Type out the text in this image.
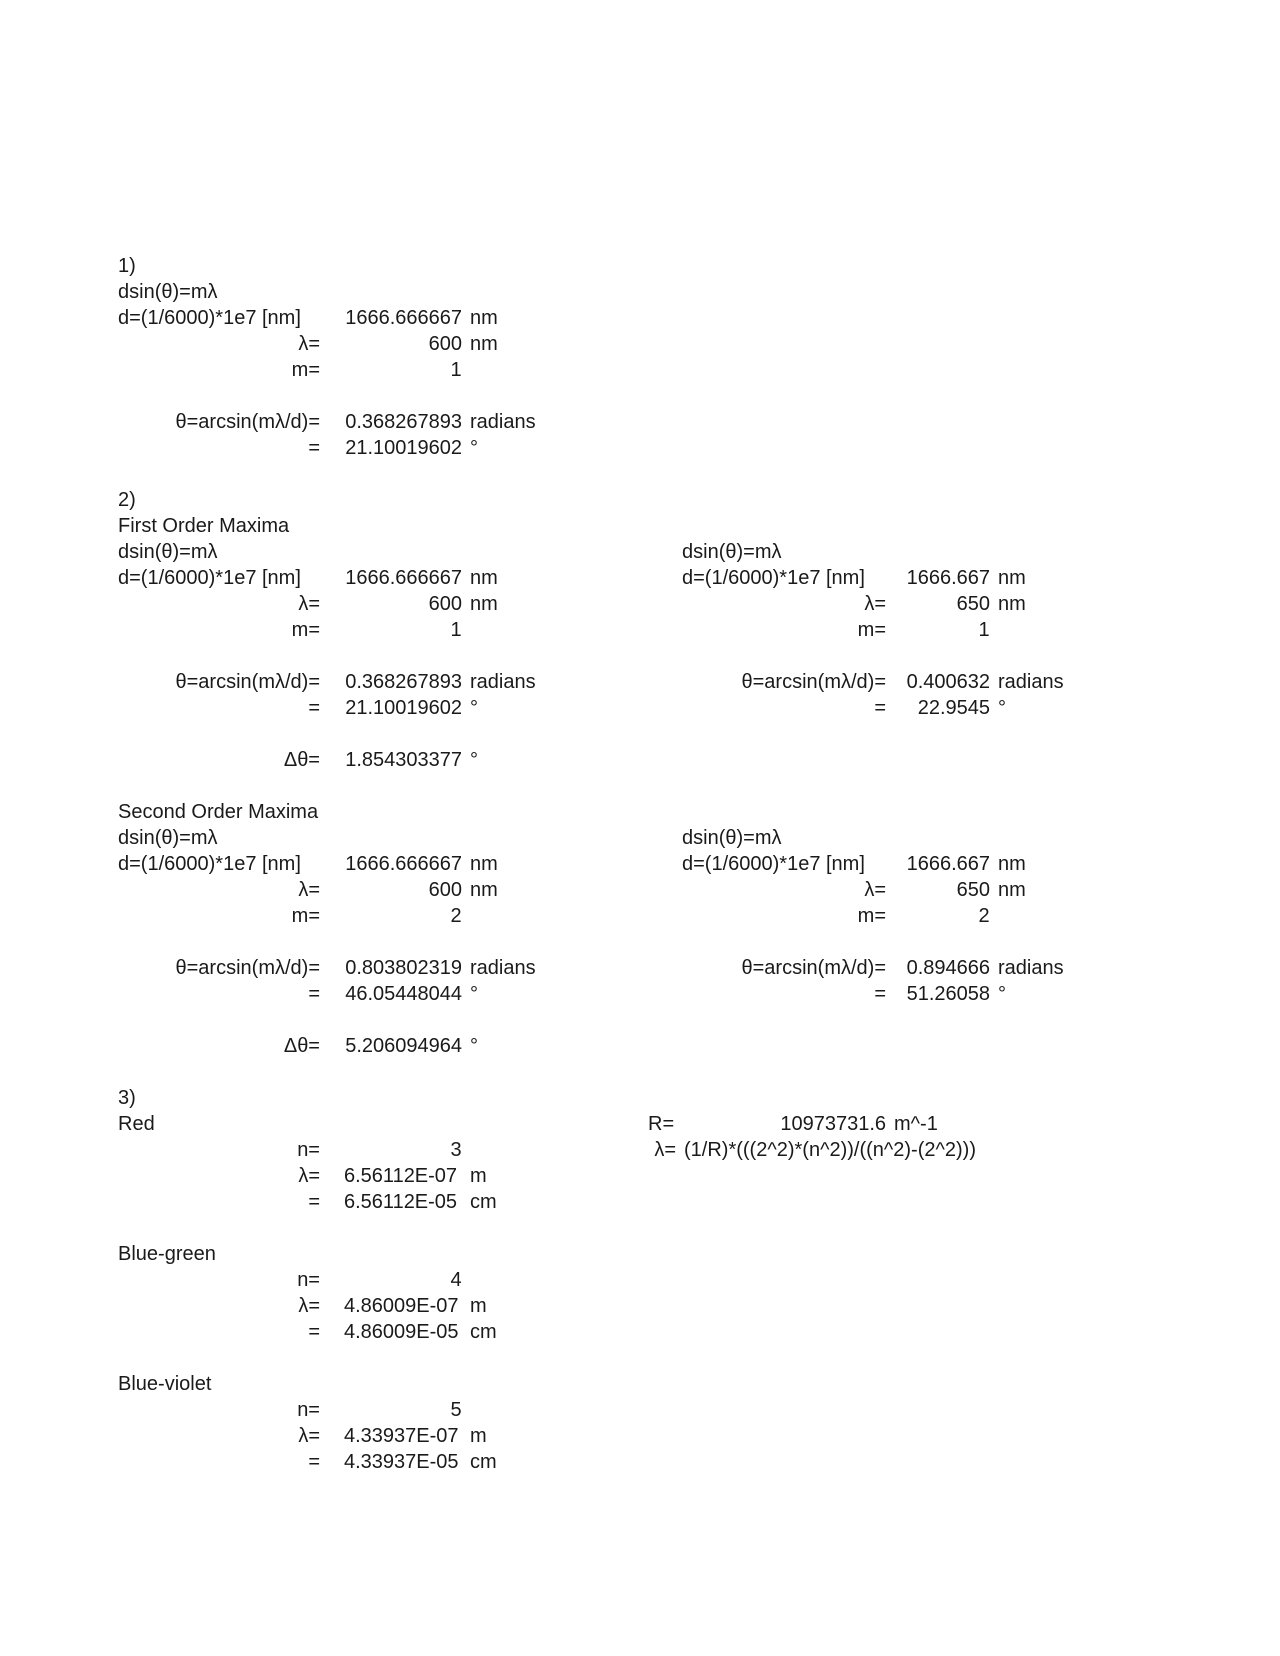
1)
dsin(θ)=mλ
d=(1/6000)*1e7 [nm]	1666.666667 nm
λ=	600 nm
m=	1
θ=arcsin(mλ/d)=	0.368267893 radians
=	21.10019602 °
2)
First Order Maxima
dsin(θ)=mλ
d=(1/6000)*1e7 [nm]	1666.666667 nm
λ=	600 nm
m=	1
θ=arcsin(mλ/d)=	0.368267893 radians
=	21.10019602 °
dsin(θ)=mλ
d=(1/6000)*1e7 [nm]	1666.667 nm
λ=	650 nm
m=	1
θ=arcsin(mλ/d)=	0.400632 radians
=	22.9545 °
Δθ=	1.854303377 °
Second Order Maxima
dsin(θ)=mλ
d=(1/6000)*1e7 [nm]	1666.666667 nm
λ=	600 nm
m=	2
θ=arcsin(mλ/d)=	0.803802319 radians
=	46.05448044 °
dsin(θ)=mλ
d=(1/6000)*1e7 [nm]	1666.667 nm
λ=	650 nm
m=	2
θ=arcsin(mλ/d)=	0.894666 radians
=	51.26058 °
Δθ=	5.206094964 °
3)
R=	10973731.6 m^-1
λ= (1/R)*(((2^2)*(n^2))/((n^2)-(2^2)))
Red
n=	3
λ= 6.56112E-07 m
= 6.56112E-05 cm
Blue-green
n=	4
λ= 4.86009E-07 m
= 4.86009E-05 cm
Blue-violet
n=	5
λ= 4.33937E-07 m
= 4.33937E-05 cm
